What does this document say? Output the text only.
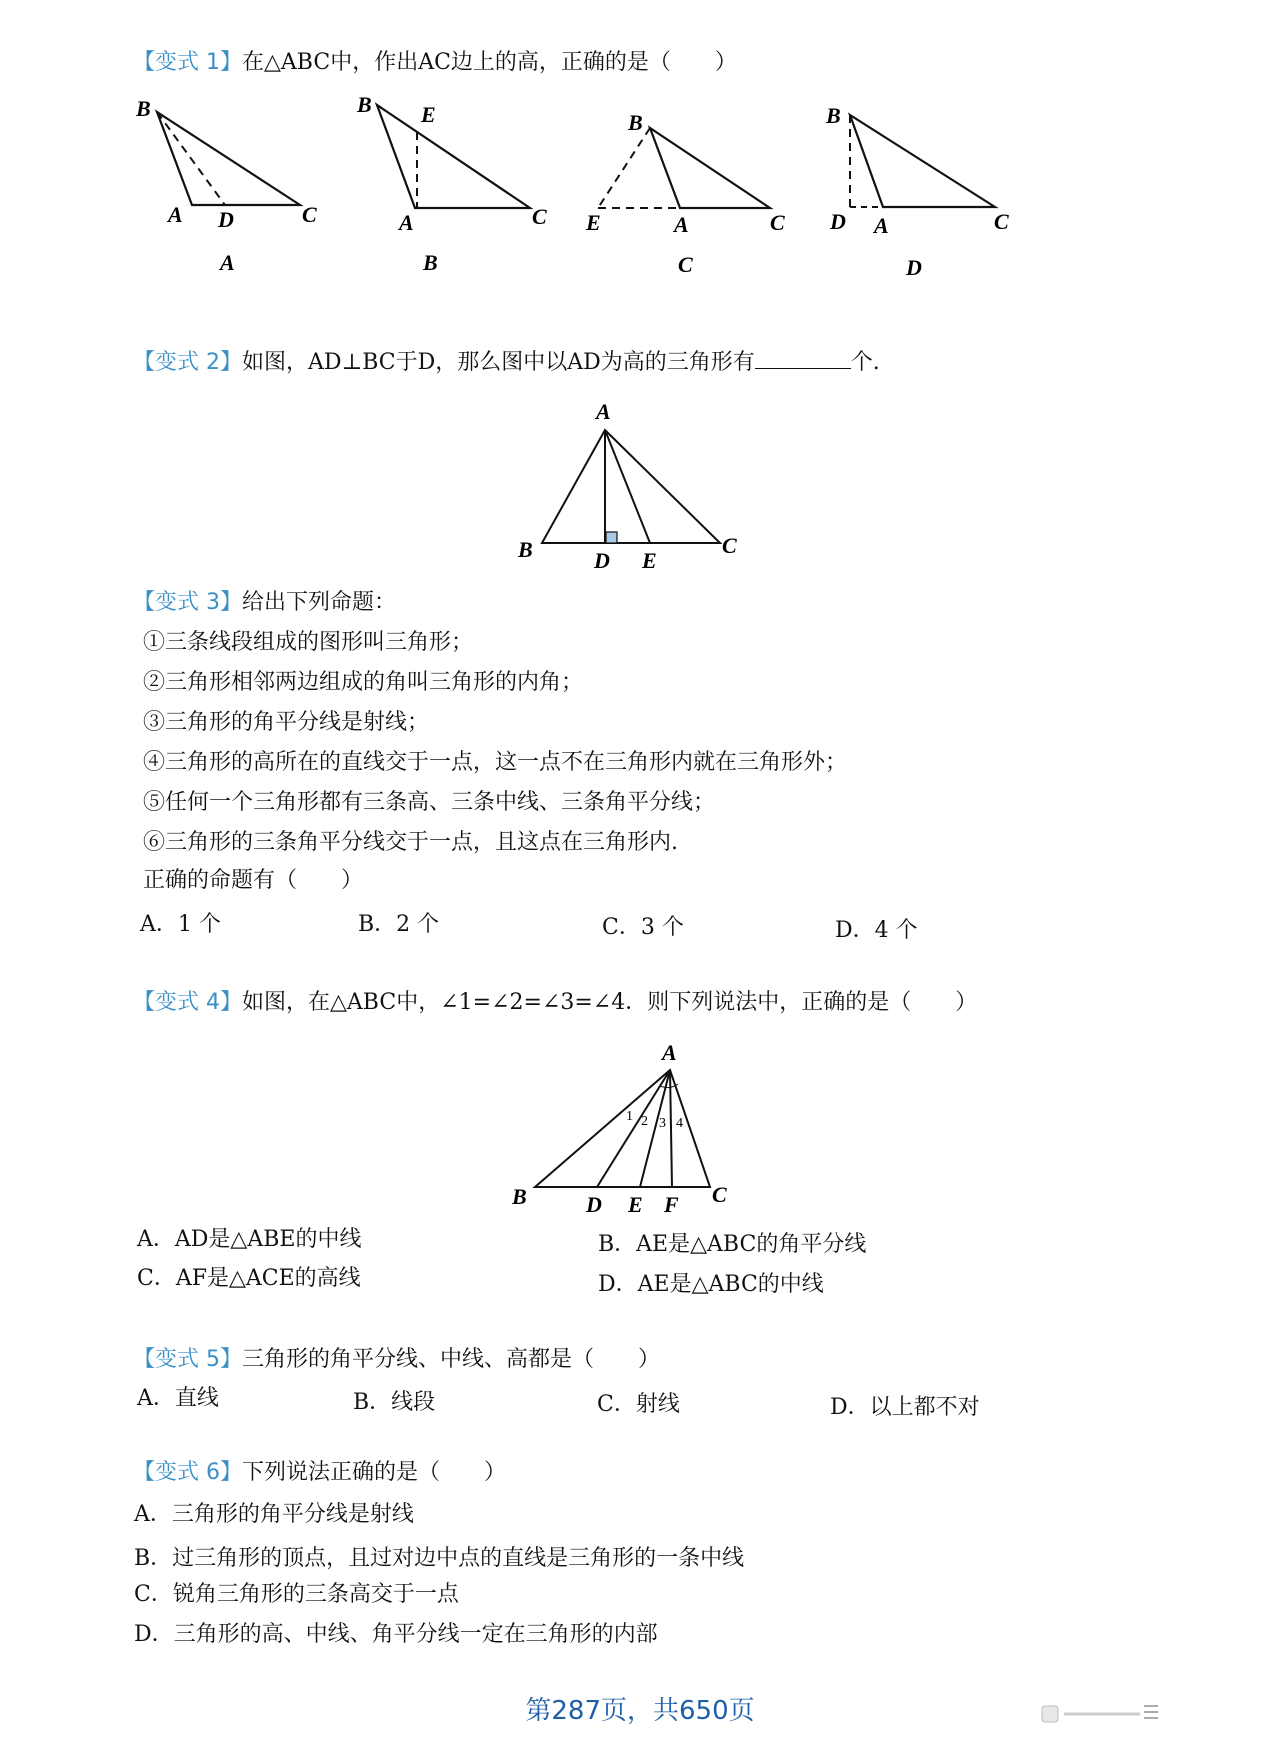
【变式 1】在△ABC中，作出AC边上的高，正确的是（　　）
B
A D	C
A
B E
A	C
B
B
E	A	C
C
B
D A	C
D
【变式 2】如图，AD⊥BC于D，那么图中以AD为高的三角形有	个.
A
B	D E
C
【变式 3】给出下列命题：
①三条线段组成的图形叫三角形；
②三角形相邻两边组成的角叫三角形的内角；
③三角形的角平分线是射线；
④三角形的高所在的直线交于一点，这一点不在三角形内就在三角形外；
⑤任何一个三角形都有三条高、三条中线、三条角平分线；
⑥三角形的三条角平分线交于一点，且这点在三角形内.
正确的命题有（　　）
A．1 个	B．2 个	C．3 个	D．4 个
【变式 4】如图，在△ABC中，∠1=∠2=∠3=∠4．则下列说法中，正确的是（　　）
A
B	D E F C
1 2 3 4
A．AD是△ABE的中线	B．AE是△ABC的角平分线
C．AF是△ACE的高线	D．AE是△ABC的中线
【变式 5】三角形的角平分线、中线、高都是（　　）
A．直线	B．线段	C．射线	D．以上都不对
【变式 6】下列说法正确的是（　　）
A．三角形的角平分线是射线
B．过三角形的顶点，且过对边中点的直线是三角形的一条中线
C．锐角三角形的三条高交于一点
D．三角形的高、中线、角平分线一定在三角形的内部
第287页，共650页
